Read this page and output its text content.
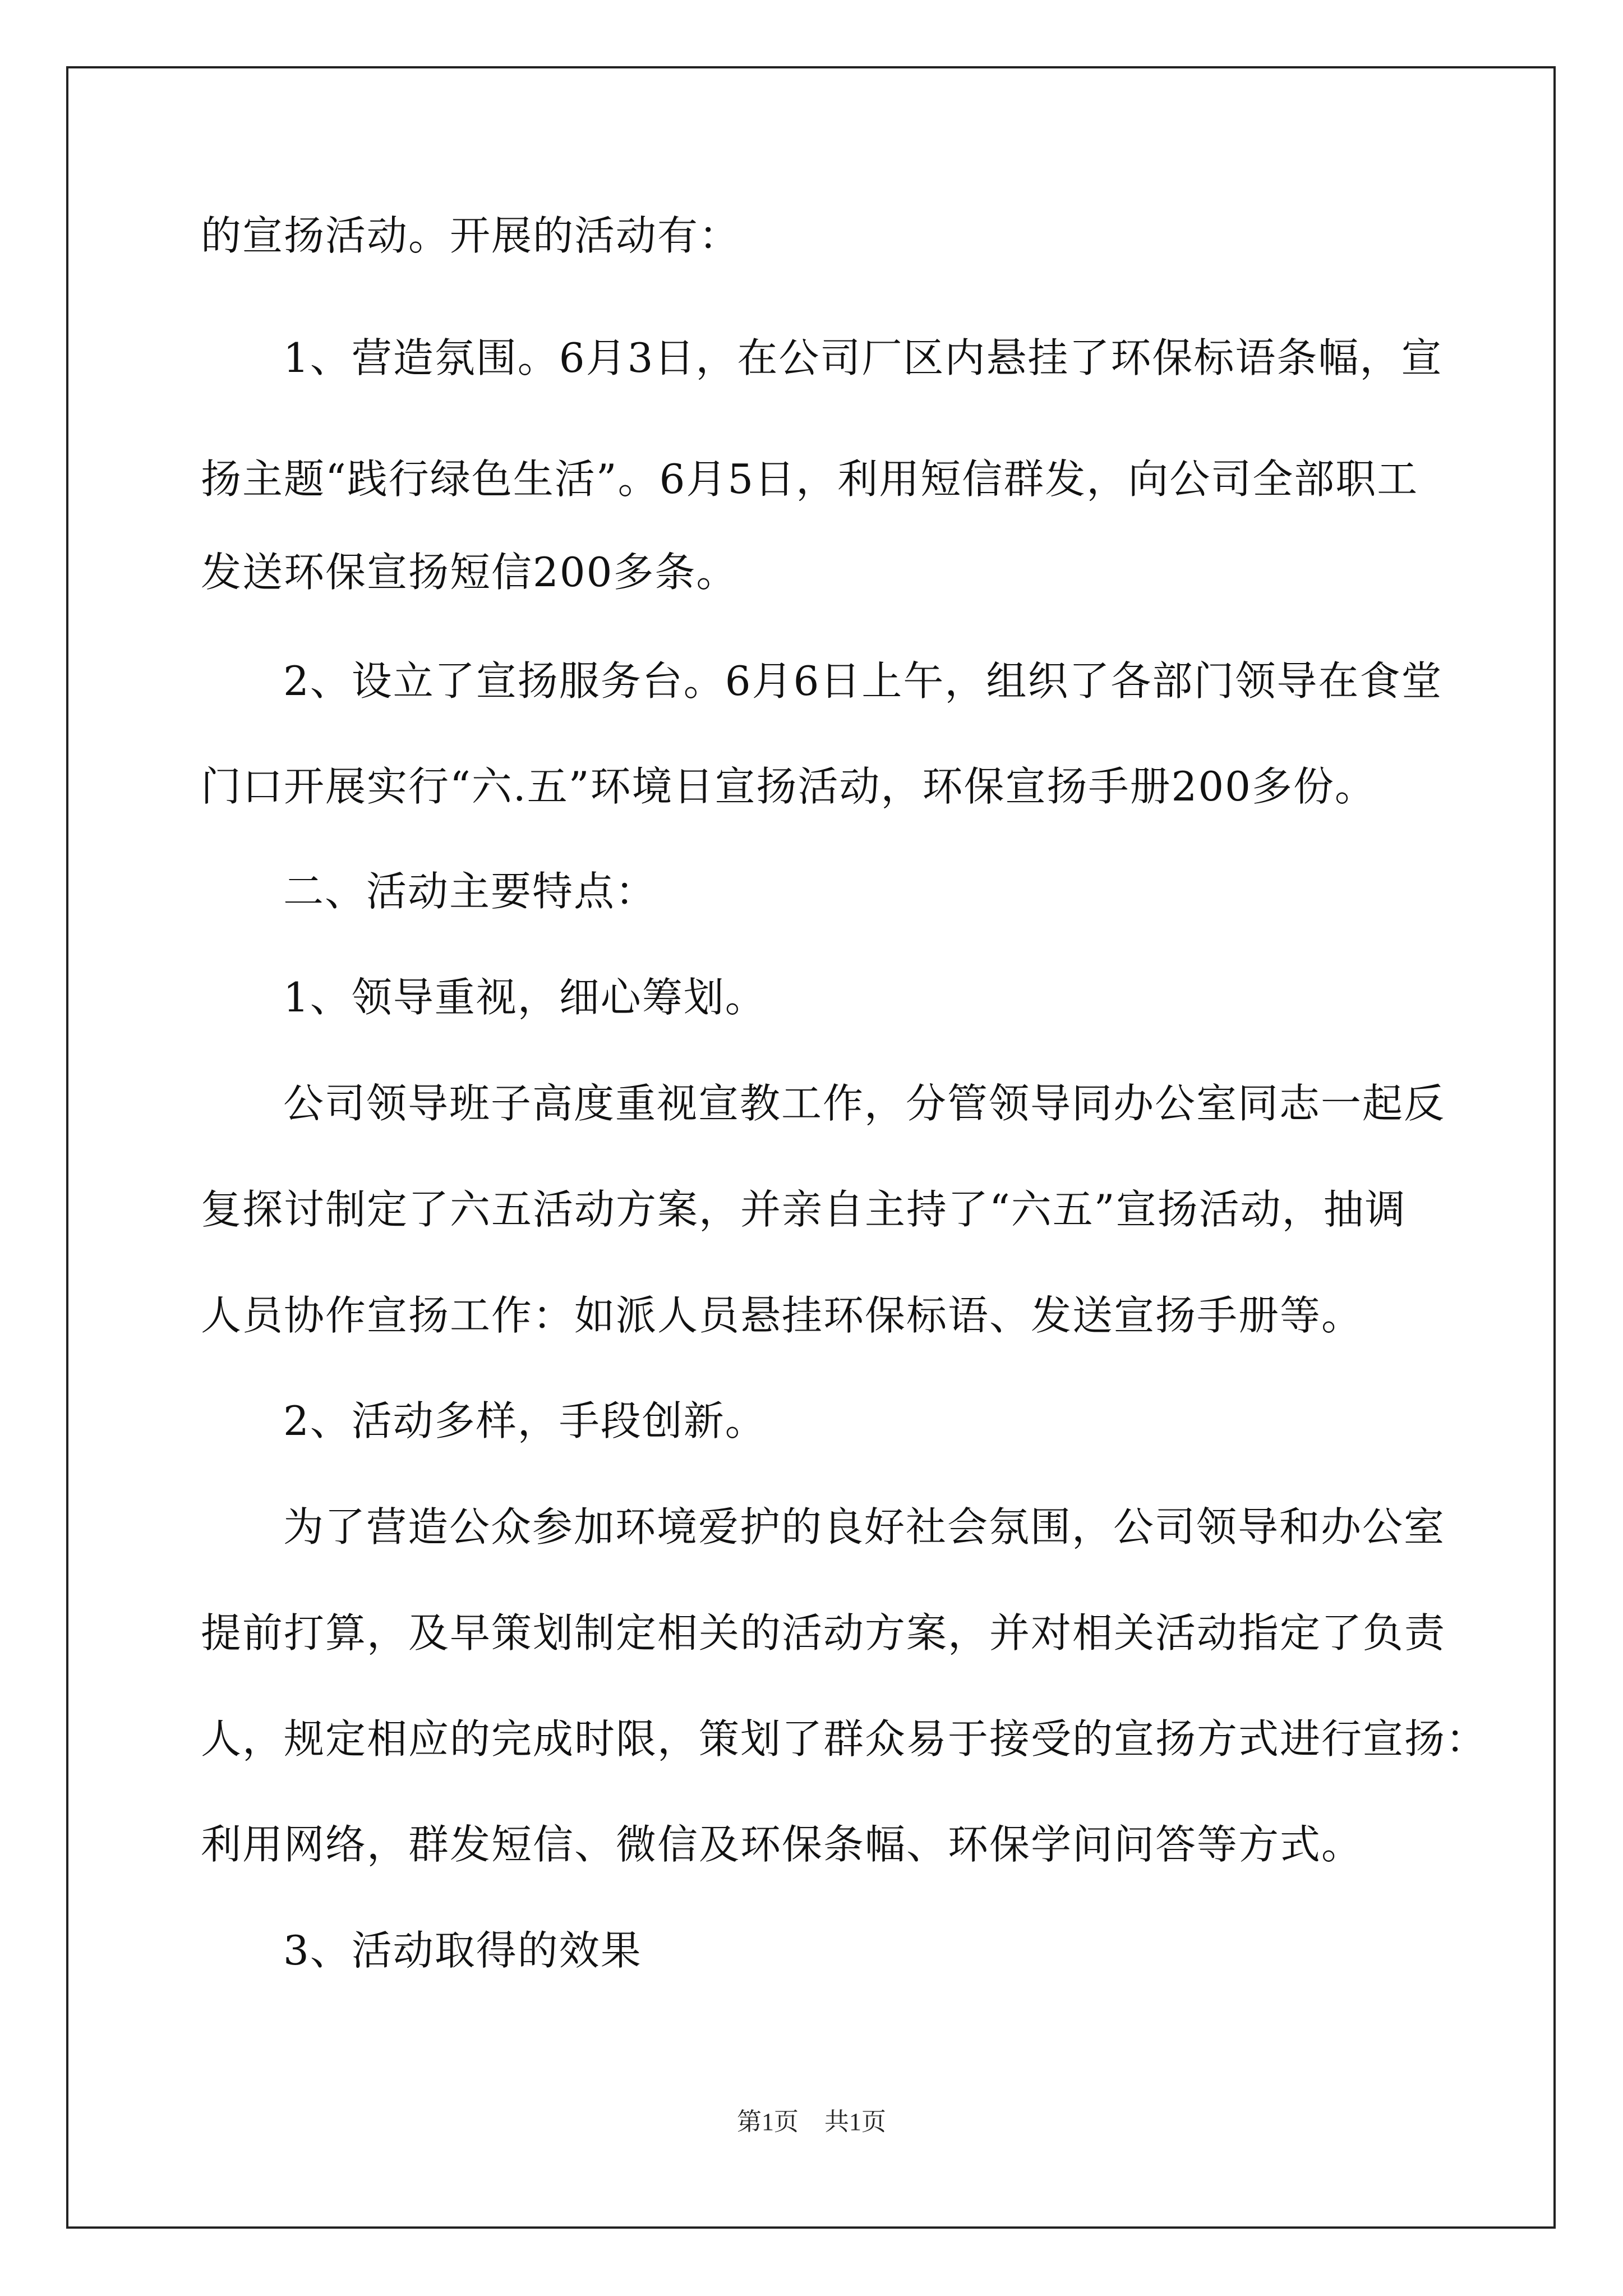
的宣扬活动。开展的活动有：
1、营造氛围。6月3日，在公司厂区内悬挂了环保标语条幅，宣
扬主题“践行绿色生活”。6月5日，利用短信群发，向公司全部职工
发送环保宣扬短信200多条。
2、设立了宣扬服务台。6月6日上午，组织了各部门领导在食堂
门口开展实行“六.五”环境日宣扬活动，环保宣扬手册200多份。
二、活动主要特点：
1、领导重视，细心筹划。
公司领导班子高度重视宣教工作，分管领导同办公室同志一起反
复探讨制定了六五活动方案，并亲自主持了“六五”宣扬活动，抽调
人员协作宣扬工作：如派人员悬挂环保标语、发送宣扬手册等。
2、活动多样，手段创新。
为了营造公众参加环境爱护的良好社会氛围，公司领导和办公室
提前打算，及早策划制定相关的活动方案，并对相关活动指定了负责
人，规定相应的完成时限，策划了群众易于接受的宣扬方式进行宣扬：
利用网络，群发短信、微信及环保条幅、环保学问问答等方式。
3、活动取得的效果
第1页 共1页
